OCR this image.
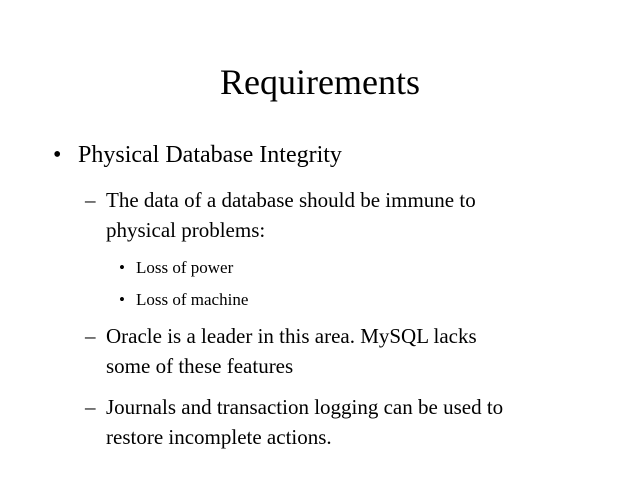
Requirements
• Physical Database Integrity
– The data of a database should be immune to
physical problems:
• Loss of power
• Loss of machine
– Oracle is a leader in this area. MySQL lacks
some of these features
– Journals and transaction logging can be used to
restore incomplete actions.
